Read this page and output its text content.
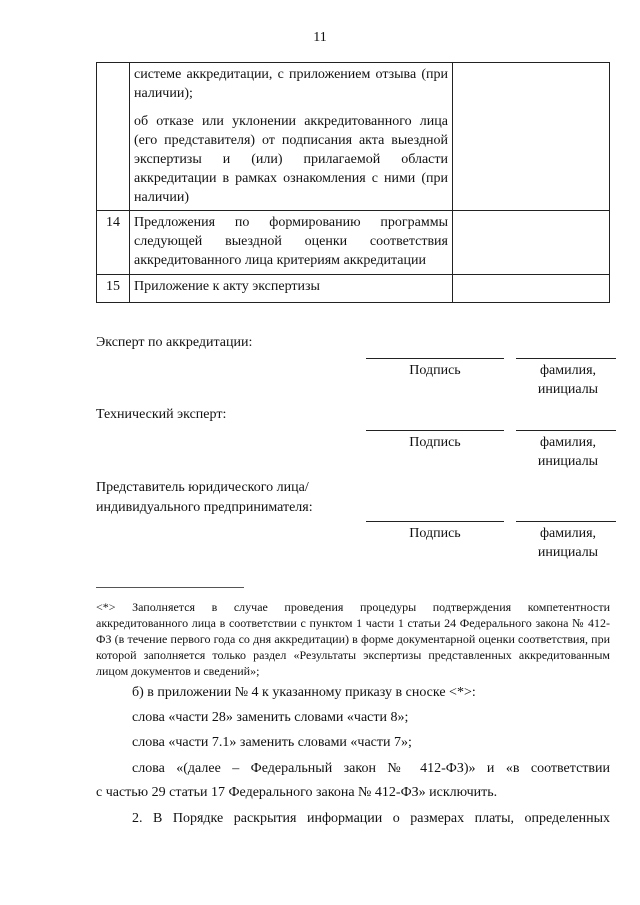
11

	системе аккредитации, с приложением отзыва (при наличии);

об отказе или уклонении аккредитованного лица (его представителя) от подписания акта выездной экспертизы и (или) прилагаемой области аккредитации в рамках ознакомления с ними (при наличии)	

14	Предложения по формированию программы следующей выездной оценки соответствия аккредитованного лица критериям аккредитации	

15	Приложение к акту экспертизы	

Эксперт по аккредитации:
Подпись	фамилия, инициалы
Технический эксперт:
Подпись	фамилия, инициалы
Представитель юридического лица/индивидуального предпринимателя:
Подпись	фамилия, инициалы
<*> Заполняется в случае проведения процедуры подтверждения компетентности аккредитованного лица в соответствии с пунктом 1 части 1 статьи 24 Федерального закона № 412-ФЗ (в течение первого года со дня аккредитации) в форме документарной оценки соответствия, при которой заполняется только раздел «Результаты экспертизы представленных аккредитованным лицом документов и сведений»;
б) в приложении № 4 к указанному приказу в сноске <*>:
слова «части 28» заменить словами «части 8»;
слова «части 7.1» заменить словами «части 7»;
слова «(далее – Федеральный закон № 412-ФЗ)» и «в соответствии
с частью 29 статьи 17 Федерального закона № 412-ФЗ» исключить.
2. В Порядке раскрытия информации о размерах платы, определенных
